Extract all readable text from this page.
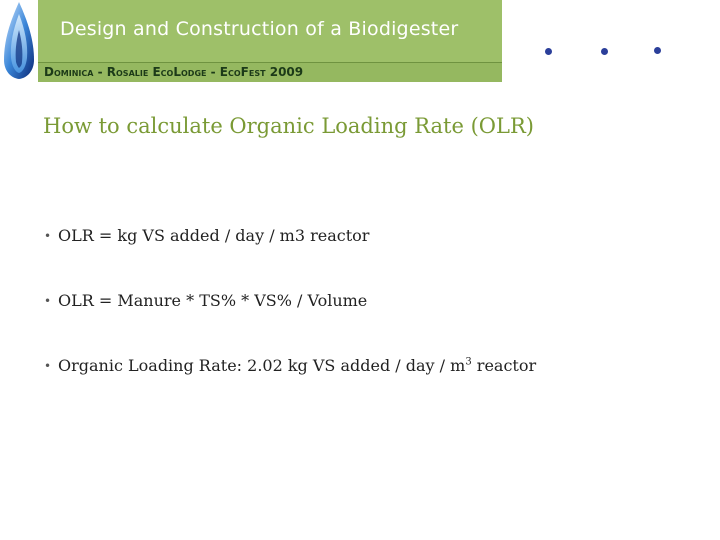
Design and Construction of a Biodigester
Dominica - Rosalie EcoLodge - EcoFest 2009
How to calculate Organic Loading Rate (OLR)
• OLR = kg VS added / day / m3 reactor
• OLR = Manure * TS% * VS% / Volume
• Organic Loading Rate: 2.02 kg VS added / day / $m^3$ reactor
